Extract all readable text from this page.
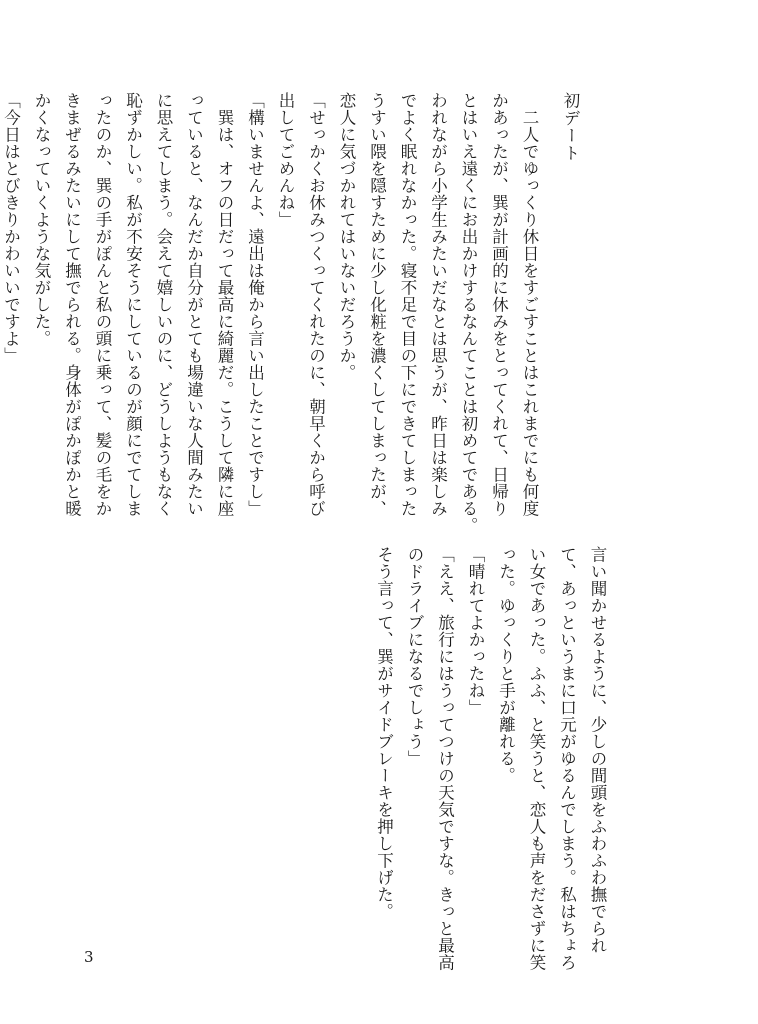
初デート
　二人でゆっくり休日をすごすことはこれまでにも何度
かあったが、巽が計画的に休みをとってくれて、日帰り
とはいえ遠くにお出かけするなんてことは初めてである。
われながら小学生みたいだなとは思うが、昨日は楽しみ
でよく眠れなかった。寝不足で目の下にできてしまった
うすい隈を隠すために少し化粧を濃くしてしまったが、
恋人に気づかれてはいないだろうか。
「せっかくお休みつくってくれたのに、朝早くから呼び
出してごめんね」
「構いませんよ、遠出は俺から言い出したことですし」
　巽は、オフの日だって最高に綺麗だ。こうして隣に座
っていると、なんだか自分がとても場違いな人間みたい
に思えてしまう。会えて嬉しいのに、どうしようもなく
恥ずかしい。私が不安そうにしているのが顔にでてしま
ったのか、巽の手がぽんと私の頭に乗って、髪の毛をか
きまぜるみたいにして撫でられる。身体がぽかぽかと暖
かくなっていくような気がした。
「今日はとびきりかわいいですよ」
言い聞かせるように、少しの間頭をふわふわ撫でられ
て、あっというまに口元がゆるんでしまう。私はちょろ
い女であった。ふふ、と笑うと、恋人も声をださずに笑
った。ゆっくりと手が離れる。
「晴れてよかったね」
「ええ、旅行にはうってつけの天気ですな。きっと最高
のドライブになるでしょう」
そう言って、巽がサイドブレーキを押し下げた。
3
